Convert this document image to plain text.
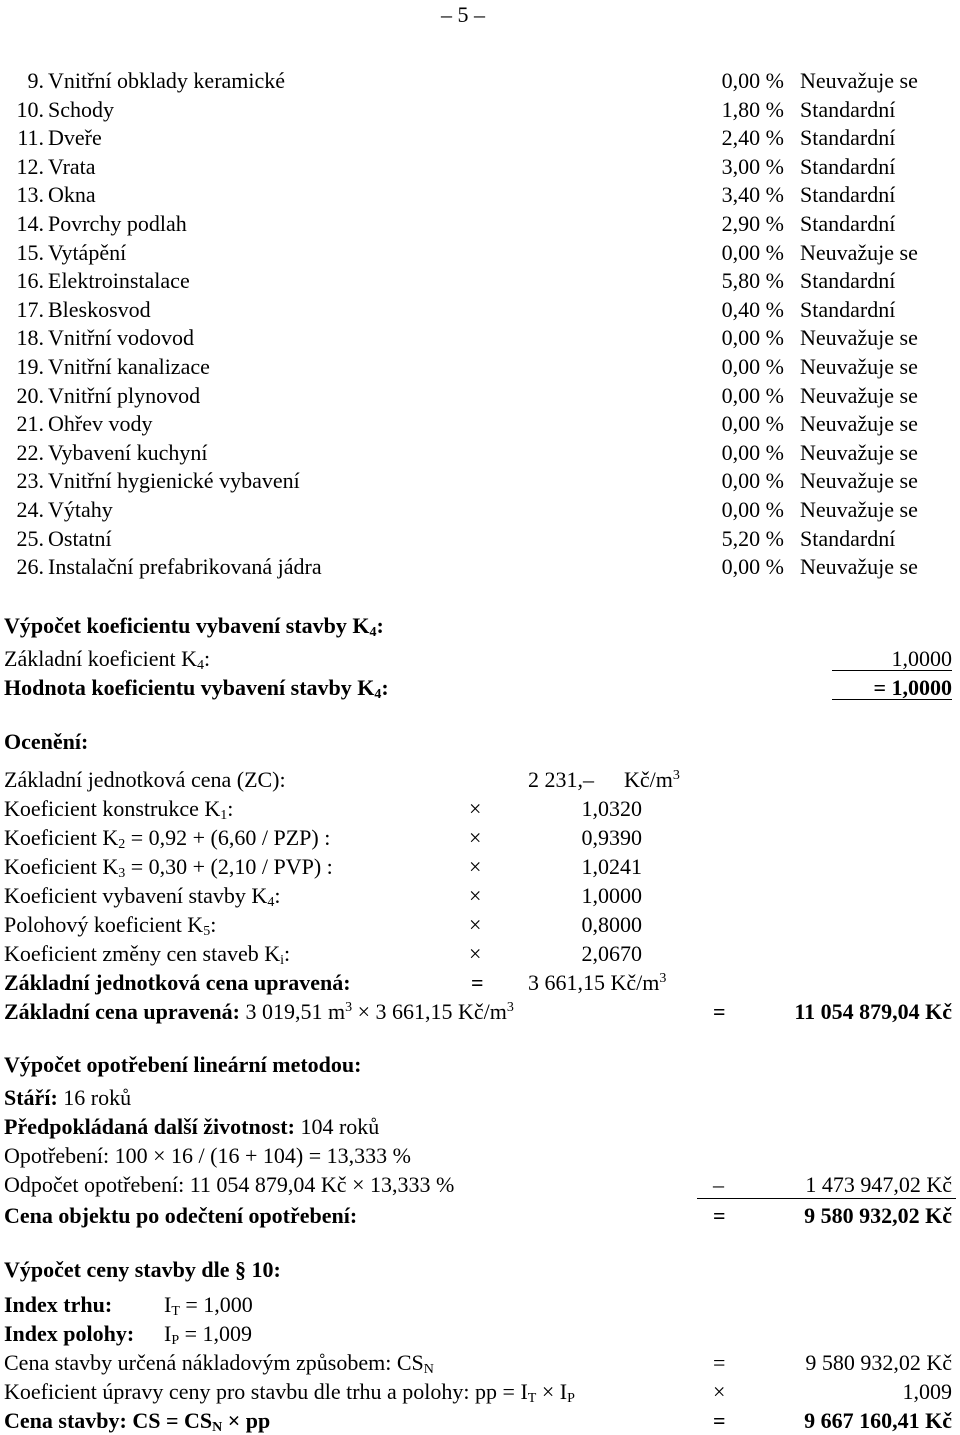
– 5 –
9. Vnitřní obklady keramické	0,00 % Neuvažuje se
10. Schody	1,80 % Standardní
11. Dveře	2,40 % Standardní
12. Vrata	3,00 % Standardní
13. Okna	3,40 % Standardní
14. Povrchy podlah	2,90 % Standardní
15. Vytápění	0,00 % Neuvažuje se
16. Elektroinstalace	5,80 % Standardní
17. Bleskosvod	0,40 % Standardní
18. Vnitřní vodovod	0,00 % Neuvažuje se
19. Vnitřní kanalizace	0,00 % Neuvažuje se
20. Vnitřní plynovod	0,00 % Neuvažuje se
21. Ohřev vody	0,00 % Neuvažuje se
22. Vybavení kuchyní	0,00 % Neuvažuje se
23. Vnitřní hygienické vybavení	0,00 % Neuvažuje se
24. Výtahy	0,00 % Neuvažuje se
25. Ostatní	5,20 % Standardní
26. Instalační prefabrikovaná jádra	0,00 % Neuvažuje se
Výpočet koeficientu vybavení stavby $K_4$:
Základní koeficient $K_4$:	1,0000
Hodnota koeficientu vybavení stavby $K_4$:	= 1,0000
Ocenění:
Základní jednotková cena (ZC):	2 231,– $Kč/m^3$
Koeficient konstrukce $K_1$:	×	1,0320
Koeficient $K_2 = 0,92 + (6,60 / PZP)$ :	×	0,9390
Koeficient $K_3 = 0,30 + (2,10 / PVP)$ :	×	1,0241
Koeficient vybavení stavby $K_4$:	×	1,0000
Polohový koeficient $K_5$:	×	0,8000
Koeficient změny cen staveb $K_i$:	×	2,0670
Základní jednotková cena upravená:	= 3 661,15 $Kč/m^3$
Základní cena upravená: 3 019,51 $m^3 \times 3$ 661,15 $Kč/m^3$	=	11 054 879,04 Kč
Výpočet opotřebení lineární metodou:
Stáří: 16 roků
Předpokládaná další životnost: 104 roků
Opotřebení: 100 × 16 / (16 + 104) = 13,333 %
Odpočet opotřebení: 11 054 879,04 Kč × 13,333 %	–	1 473 947,02 Kč
Cena objektu po odečtení opotřebení:	=	9 580 932,02 Kč
Výpočet ceny stavby dle § 10:
Index trhu: $I_T = 1,000$
Index polohy: $I_P = 1,009$
Cena stavby určená nákladovým způsobem: $CS_N$	=	9 580 932,02 Kč
Koeficient úpravy ceny pro stavbu dle trhu a polohy: pp = $I_T \times I_P$	×	1,009
Cena stavby: CS = $CS_N$ × pp	=	9 667 160,41 Kč
